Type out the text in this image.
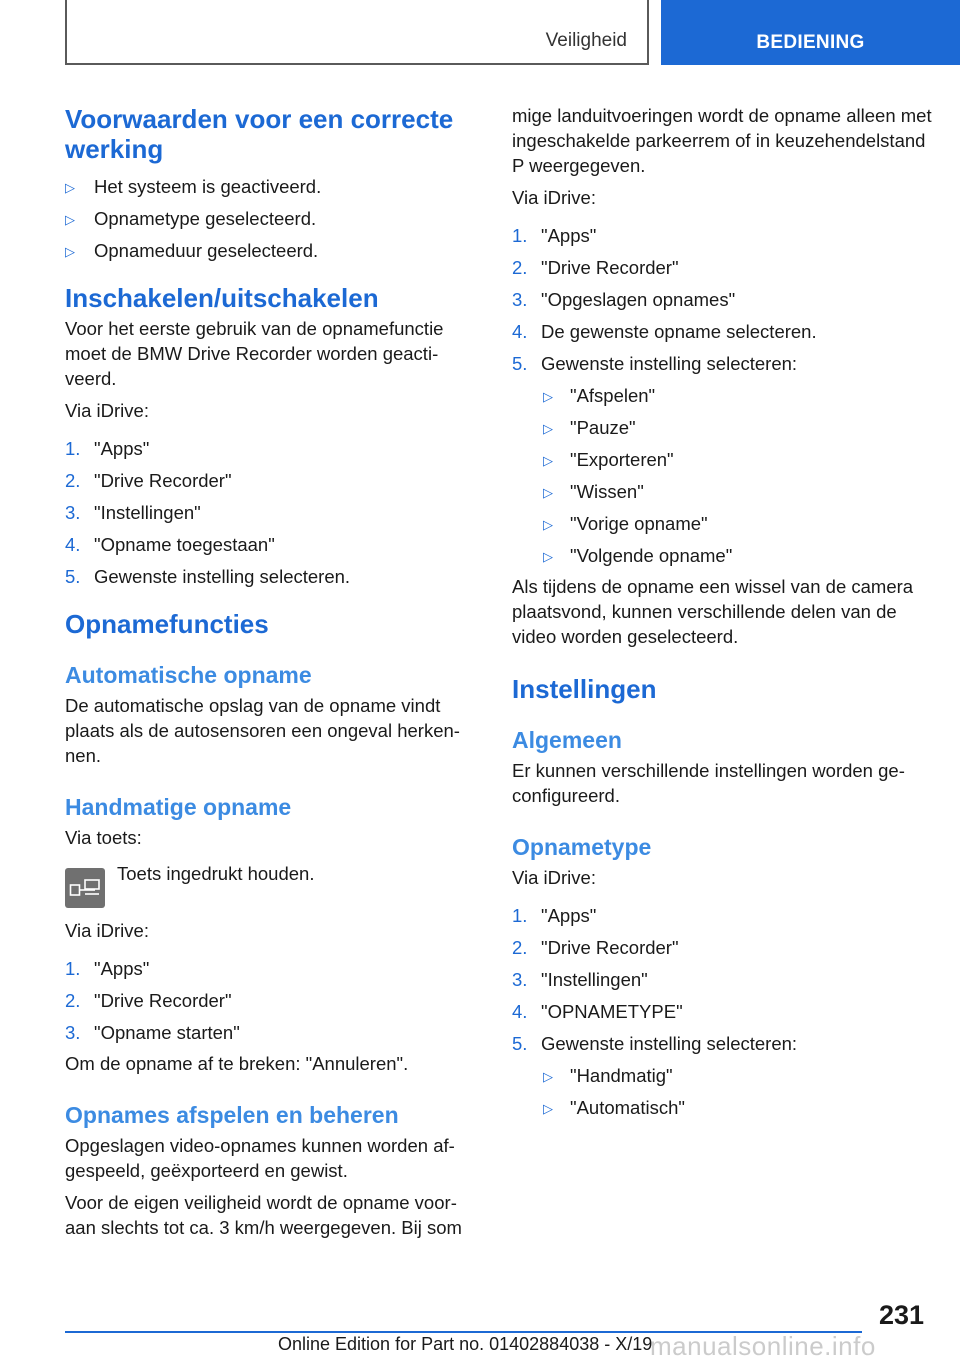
Veiligheid	BEDIENING
Voorwaarden voor een correcte werking
▷ Het systeem is geactiveerd.
▷ Opnametype geselecteerd.
▷ Opnameduur geselecteerd.
Inschakelen/uitschakelen

Voor het eerste gebruik van de opnamefunctie moet de BMW Drive Recorder worden geactiveerd.

Via iDrive:

1. "Apps"
2. "Drive Recorder"
3. "Instellingen"
4. "Opname toegestaan"
5. Gewenste instelling selecteren.
Opnamefuncties
Automatische opname

De automatische opslag van de opname vindt plaats als de autosensoren een ongeval herkennen.

Handmatige opname

Via toets:

Toets ingedrukt houden.

Via iDrive:

1. "Apps"
2. "Drive Recorder"
3. "Opname starten"

Om de opname af te breken: "Annuleren".

Opnames afspelen en beheren

Opgeslagen video-opnames kunnen worden afgespeeld, geëxporteerd en gewist.

Voor de eigen veiligheid wordt de opname vooraan slechts tot ca. 3 km/h weergegeven. Bij som

mige landuitvoeringen wordt de opname alleen met ingeschakelde parkeerrem of in keuzehendelstand P weergegeven.

Via iDrive:

1. "Apps"
2. "Drive Recorder"
3. "Opgeslagen opnames"
4. De gewenste opname selecteren.
5. Gewenste instelling selecteren:
▷ "Afspelen"
▷ "Pauze"
▷ "Exporteren"
▷ "Wissen"
▷ "Vorige opname"
▷ "Volgende opname"

Als tijdens de opname een wissel van de camera plaatsvond, kunnen verschillende delen van de video worden geselecteerd.

Instellingen
Algemeen

Er kunnen verschillende instellingen worden geconfigureerd.

Opnametype

Via iDrive:

1. "Apps"
2. "Drive Recorder"
3. "Instellingen"
4. "OPNAMETYPE"
5. Gewenste instelling selecteren:
▷ "Handmatig"
▷ "Automatisch"
231
Online Edition for Part no. 01402884038 - X/19
manualsonline.info
